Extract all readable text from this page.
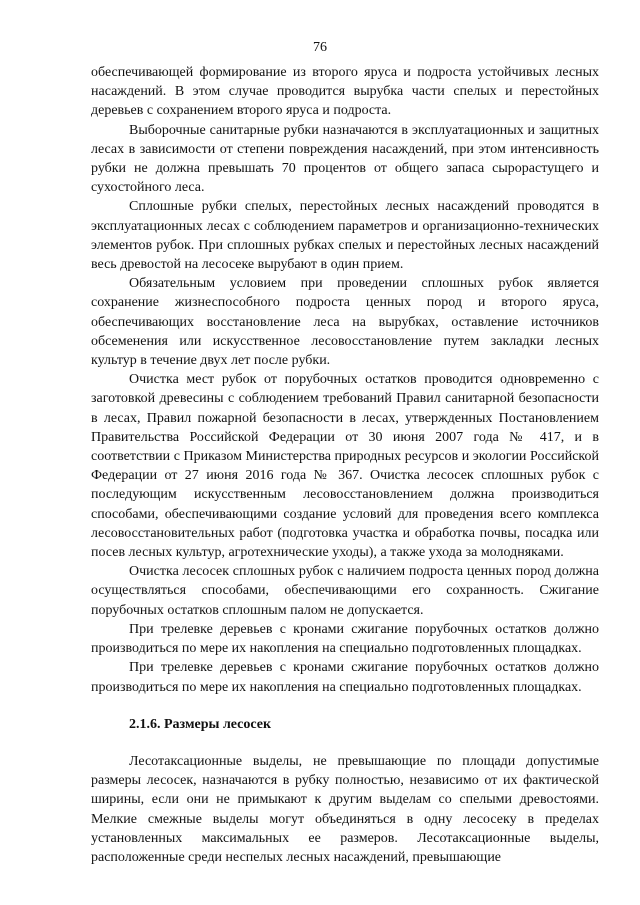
76

обеспечивающей формирование из второго яруса и подроста устойчивых лесных насаждений. В этом случае проводится вырубка части спелых и перестойных деревьев с сохранением второго яруса и подроста.

Выборочные санитарные рубки назначаются в эксплуатационных и защитных лесах в зависимости от степени повреждения насаждений, при этом интенсивность рубки не должна превышать 70 процентов от общего запаса сырорастущего и сухостойного леса.

Сплошные рубки спелых, перестойных лесных насаждений проводятся в эксплуатационных лесах с соблюдением параметров и организационно-технических элементов рубок. При сплошных рубках спелых и перестойных лесных насаждений весь древостой на лесосеке вырубают в один прием.

Обязательным условием при проведении сплошных рубок является сохранение жизнеспособного подроста ценных пород и второго яруса, обеспечивающих восстановление леса на вырубках, оставление источников обсеменения или искусственное лесовосстановление путем закладки лесных культур в течение двух лет после рубки.

Очистка мест рубок от порубочных остатков проводится одновременно с заготовкой древесины с соблюдением требований Правил санитарной безопасности в лесах, Правил пожарной безопасности в лесах, утвержденных Постановлением Правительства Российской Федерации от 30 июня 2007 года № 417, и в соответствии с Приказом Министерства природных ресурсов и экологии Российской Федерации от 27 июня 2016 года № 367. Очистка лесосек сплошных рубок с последующим искусственным лесовосстановлением должна производиться способами, обеспечивающими создание условий для проведения всего комплекса лесовосстановительных работ (подготовка участка и обработка почвы, посадка или посев лесных культур, агротехнические уходы), а также ухода за молодняками.

Очистка лесосек сплошных рубок с наличием подроста ценных пород должна осуществляться способами, обеспечивающими его сохранность. Сжигание порубочных остатков сплошным палом не допускается.

При трелевке деревьев с кронами сжигание порубочных остатков должно производиться по мере их накопления на специально подготовленных площадках.

При трелевке деревьев с кронами сжигание порубочных остатков должно производиться по мере их накопления на специально подготовленных площадках.

2.1.6. Размеры лесосек

Лесотаксационные выделы, не превышающие по площади допустимые размеры лесосек, назначаются в рубку полностью, независимо от их фактической ширины, если они не примыкают к другим выделам со спелыми древостоями. Мелкие смежные выделы могут объединяться в одну лесосеку в пределах установленных максимальных ее размеров. Лесотаксационные выделы, расположенные среди неспелых лесных насаждений, превышающие
